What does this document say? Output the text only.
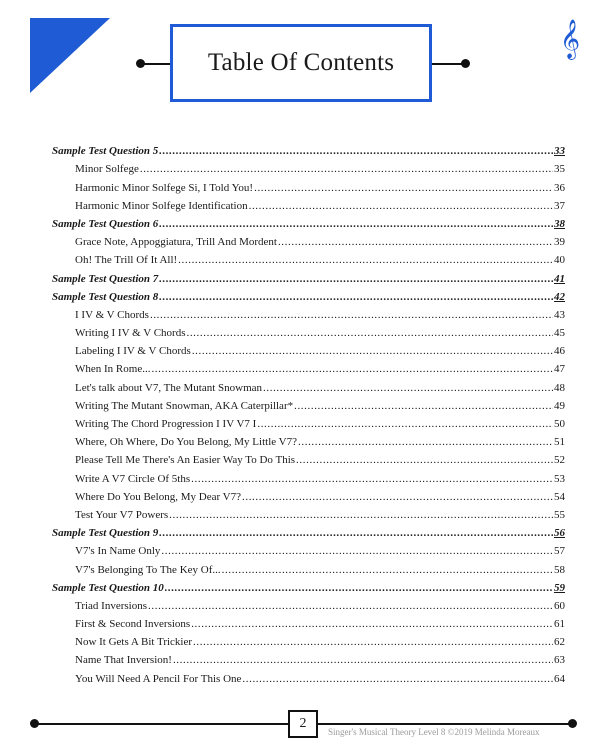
Table Of Contents
𝄞
Sample Test Question 5 .....	33
Minor Solfege .....	35
Harmonic Minor Solfege Si, I Told You! .....	36
Harmonic Minor Solfege Identification .....	37
Sample Test Question 6 .....	38
Grace Note, Appoggiatura, Trill And Mordent .....	39
Oh! The Trill Of It All! .....	40
Sample Test Question 7 .....	41
Sample Test Question 8 .....	42
I IV & V Chords .....	43
Writing I IV & V Chords .....	45
Labeling I IV & V Chords .....	46
When In Rome... .....	47
Let's talk about V7, The Mutant Snowman .....	48
Writing The Mutant Snowman, AKA Caterpillar* .....	49
Writing The Chord Progression I IV V7 I .....	50
Where, Oh Where, Do You Belong, My Little V7? .....	51
Please Tell Me There's An Easier Way To Do This .....	52
Write A V7 Circle Of 5ths .....	53
Where Do You Belong, My Dear V7? .....	54
Test Your V7 Powers .....	55
Sample Test Question 9 .....	56
V7's In Name Only .....	57
V7's Belonging To The Key Of... .....	58
Sample Test Question 10 .....	59
Triad Inversions .....	60
First & Second Inversions .....	61
Now It Gets A Bit Trickier .....	62
Name That Inversion! .....	63
You Will Need A Pencil For This One .....	64
2
Singer's Musical Theory Level 8 ©2019 Melinda Moreaux
